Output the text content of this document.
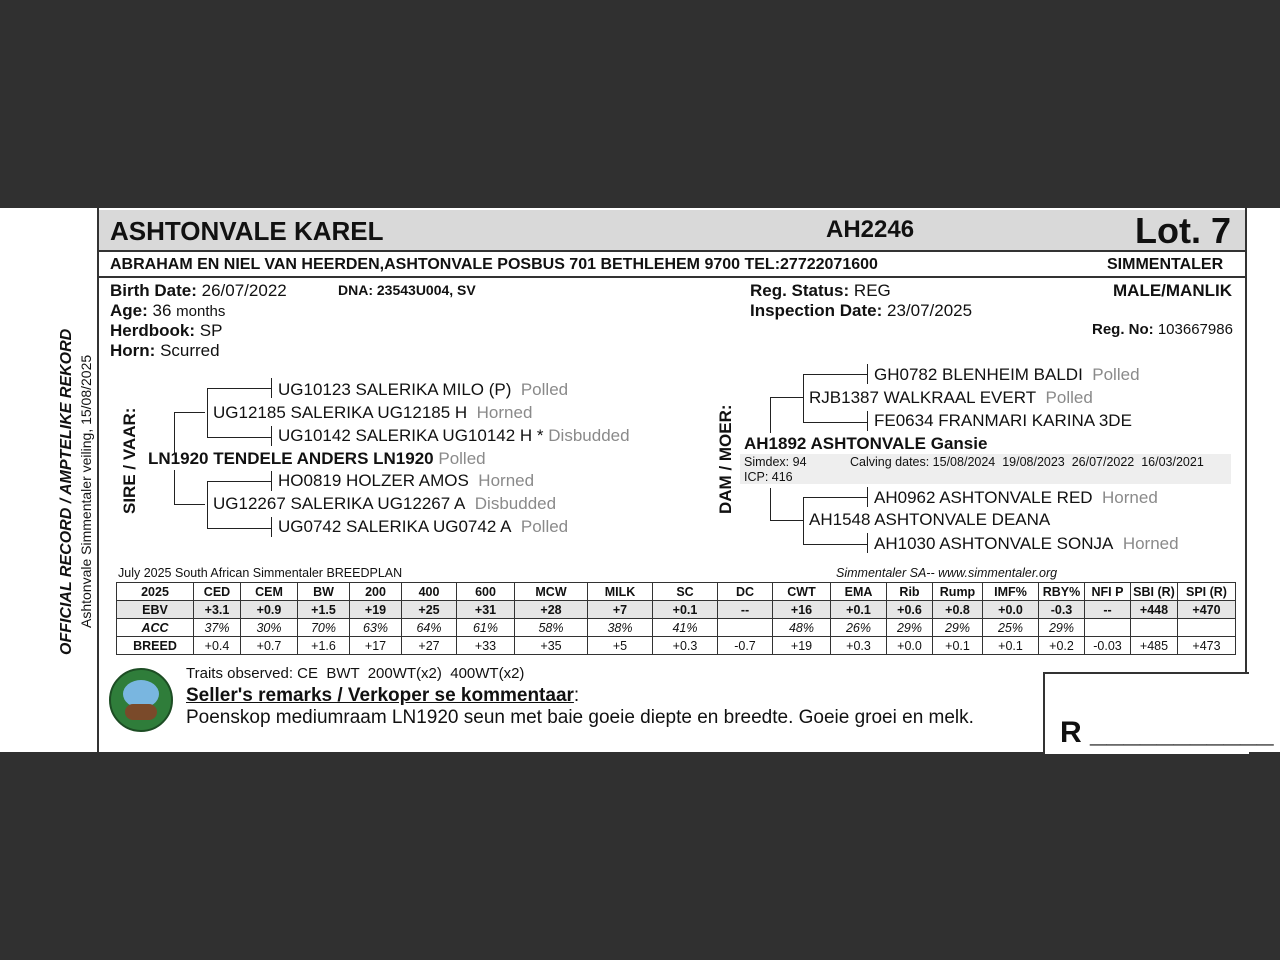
OFFICIAL RECORD / AMPTELIKE REKORD Ashtonvale Simmentaler veiling, 15/08/2025
ASHTONVALE KAREL	AH2246	Lot. 7
ABRAHAM EN NIEL VAN HEERDEN,ASHTONVALE POSBUS 701 BETHLEHEM 9700 TEL:27722071600	SIMMENTALER
Birth Date: 26/07/2022	DNA: 23543U004, SV
Age: 36 months
Herdbook: SP
Horn: Scurred
Reg. Status: REG
Inspection Date: 23/07/2025
MALE/MANLIK
Reg. No: 103667986
SIRE / VAAR:
UG10123 SALERIKA MILO (P) Polled
UG12185 SALERIKA UG12185 H Horned
UG10142 SALERIKA UG10142 H * Disbudded
LN1920 TENDELE ANDERS LN1920 Polled
HO0819 HOLZER AMOS Horned
UG12267 SALERIKA UG12267 A Disbudded
UG0742 SALERIKA UG0742 A Polled
DAM / MOER:
GH0782 BLENHEIM BALDI Polled
RJB1387 WALKRAAL EVERT Polled
FE0634 FRANMARI KARINA 3DE
AH1892 ASHTONVALE Gansie
Simdex: 94
ICP: 416
Calving dates: 15/08/2024  19/08/2023  26/07/2022  16/03/2021
AH0962 ASHTONVALE RED Horned
AH1548 ASHTONVALE DEANA
AH1030 ASHTONVALE SONJA Horned
July 2025 South African Simmentaler BREEDPLAN	Simmentaler SA-- www.simmentaler.org
2025	CED	CEM	BW	200	400	600	MCW	MILK	SC	DC	CWT	EMA	Rib	Rump	IMF%	RBY%	NFI P	SBI (R)	SPI (R)
EBV	+3.1	+0.9	+1.5	+19	+25	+31	+28	+7	+0.1	--	+16	+0.1	+0.6	+0.8	+0.0	-0.3	--	+448	+470
ACC	37%	30%	70%	63%	64%	61%	58%	38%	41%		48%	26%	29%	29%	25%	29%			
BREED	+0.4	+0.7	+1.6	+17	+27	+33	+35	+5	+0.3	-0.7	+19	+0.3	+0.0	+0.1	+0.1	+0.2	-0.03	+485	+473
Traits observed: CE  BWT  200WT(x2)  400WT(x2)
Seller's remarks / Verkoper se kommentaar:
Poenskop mediumraam LN1920 seun met baie goeie diepte en breedte. Goeie groei en melk.	R ___________
